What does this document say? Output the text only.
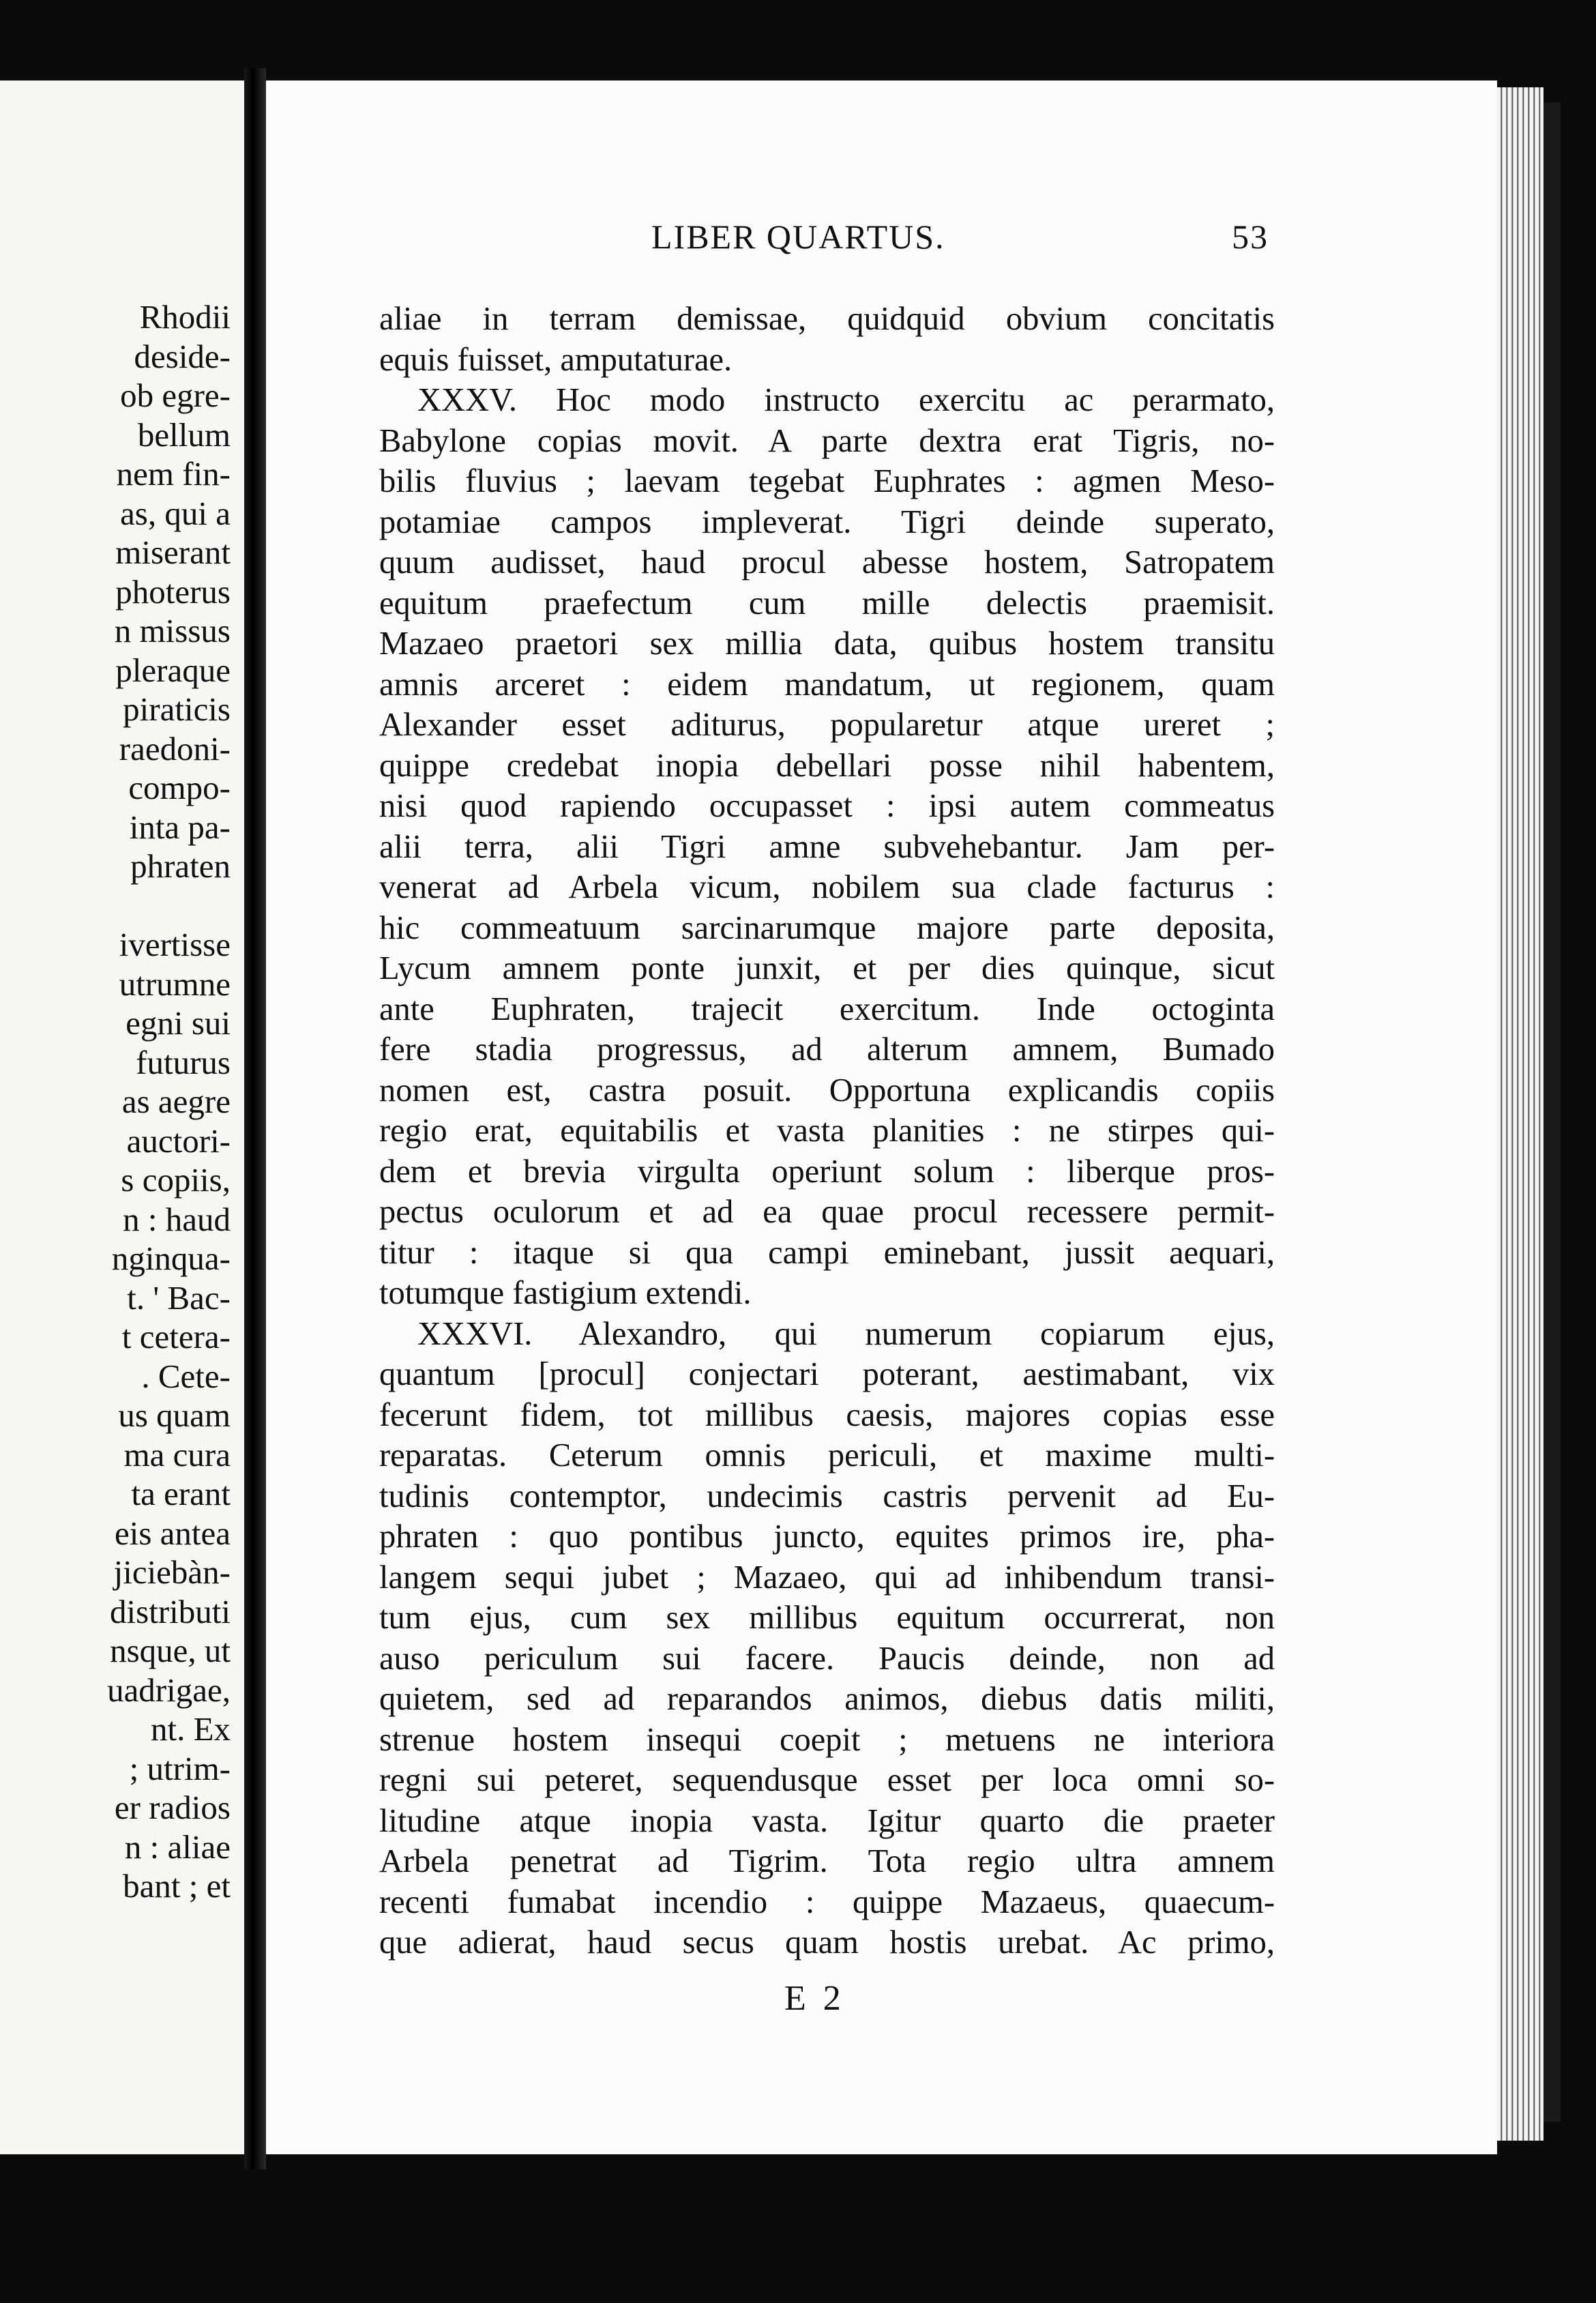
Rhodii
deside-
ob egre-
bellum
nem fin-
as, qui a
miserant
photerus
n missus
pleraque
piraticis
raedoni-
compo-
inta pa-
phraten
ivertisse
utrumne
egni sui
futurus
as aegre
auctori-
s copiis,
n : haud
nginqua-
t. ' Bac-
t cetera-
. Cete-
us quam
ma cura
ta erant
eis antea
jiciebàn-
distributi
nsque, ut
uadrigae,
nt. Ex
; utrim-
er radios
n : aliae
bant ; et
LIBER QUARTUS.	53

aliae in terram demissae, quidquid obvium concitatis

equis fuisset, amputaturae.

XXXV. Hoc modo instructo exercitu ac perarmato,

Babylone copias movit. A parte dextra erat Tigris, no-

bilis fluvius ; laevam tegebat Euphrates : agmen Meso-

potamiae campos impleverat. Tigri deinde superato,

quum audisset, haud procul abesse hostem, Satropatem

equitum praefectum cum mille delectis praemisit.

Mazaeo praetori sex millia data, quibus hostem transitu

amnis arceret : eidem mandatum, ut regionem, quam

Alexander esset aditurus, popularetur atque ureret ;

quippe credebat inopia debellari posse nihil habentem,

nisi quod rapiendo occupasset : ipsi autem commeatus

alii terra, alii Tigri amne subvehebantur. Jam per-

venerat ad Arbela vicum, nobilem sua clade facturus :

hic commeatuum sarcinarumque majore parte deposita,

Lycum amnem ponte junxit, et per dies quinque, sicut

ante Euphraten, trajecit exercitum. Inde octoginta

fere stadia progressus, ad alterum amnem, Bumado

nomen est, castra posuit. Opportuna explicandis copiis

regio erat, equitabilis et vasta planities : ne stirpes qui-

dem et brevia virgulta operiunt solum : liberque pros-

pectus oculorum et ad ea quae procul recessere permit-

titur : itaque si qua campi eminebant, jussit aequari,

totumque fastigium extendi.

XXXVI. Alexandro, qui numerum copiarum ejus,

quantum [procul] conjectari poterant, aestimabant, vix

fecerunt fidem, tot millibus caesis, majores copias esse

reparatas. Ceterum omnis periculi, et maxime multi-

tudinis contemptor, undecimis castris pervenit ad Eu-

phraten : quo pontibus juncto, equites primos ire, pha-

langem sequi jubet ; Mazaeo, qui ad inhibendum transi-

tum ejus, cum sex millibus equitum occurrerat, non

auso periculum sui facere. Paucis deinde, non ad

quietem, sed ad reparandos animos, diebus datis militi,

strenue hostem insequi coepit ; metuens ne interiora

regni sui peteret, sequendusque esset per loca omni so-

litudine atque inopia vasta. Igitur quarto die praeter

Arbela penetrat ad Tigrim. Tota regio ultra amnem

recenti fumabat incendio : quippe Mazaeus, quaecum-

que adierat, haud secus quam hostis urebat. Ac primo,

E 2
